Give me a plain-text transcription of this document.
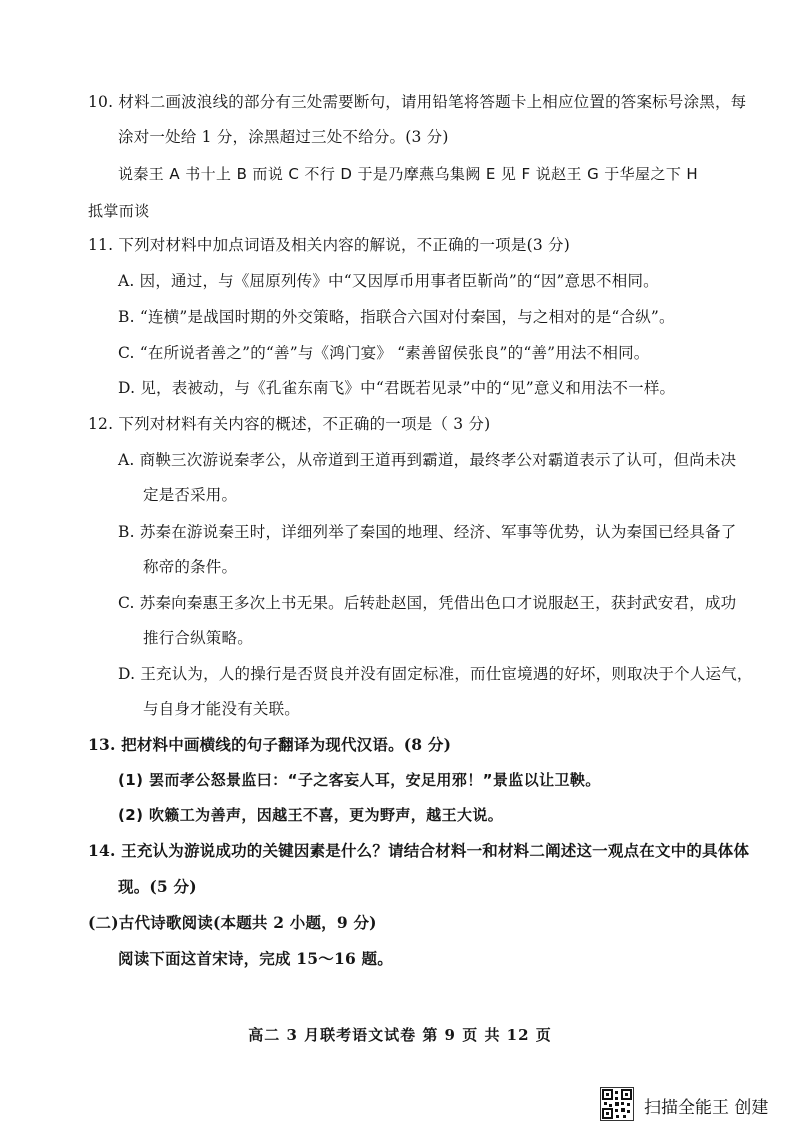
10. 材料二画波浪线的部分有三处需要断句，请用铅笔将答题卡上相应位置的答案标号涂黑，每
涂对一处给 1 分，涂黑超过三处不给分。(3 分)
说秦王 A 书十上 B 而说 C 不行 D 于是乃摩燕乌集阙 E 见 F 说赵王 G 于华屋之下 H
抵掌而谈
11. 下列对材料中加点词语及相关内容的解说，不正确的一项是(3 分)
A. 因，通过，与《屈原列传》中“又因厚币用事者臣靳尚”的“因”意思不相同。
B. “连横”是战国时期的外交策略，指联合六国对付秦国，与之相对的是“合纵”。
C. “在所说者善之”的“善”与《鸿门宴》 “素善留侯张良”的“善”用法不相同。
D. 见，表被动，与《孔雀东南飞》中“君既若见录”中的“见”意义和用法不一样。
12. 下列对材料有关内容的概述，不正确的一项是（ 3 分)
A. 商鞅三次游说秦孝公，从帝道到王道再到霸道，最终孝公对霸道表示了认可，但尚未决
定是否采用。
B. 苏秦在游说秦王时，详细列举了秦国的地理、经济、军事等优势，认为秦国已经具备了
称帝的条件。
C. 苏秦向秦惠王多次上书无果。后转赴赵国，凭借出色口才说服赵王，获封武安君，成功
推行合纵策略。
D. 王充认为，人的操行是否贤良并没有固定标准，而仕宦境遇的好坏，则取决于个人运气，
与自身才能没有关联。
13. 把材料中画横线的句子翻译为现代汉语。(8 分)
(1) 罢而孝公怒景监曰：“子之客妄人耳，安足用邪！”景监以让卫鞅。
(2) 吹籁工为善声，因越王不喜，更为野声，越王大说。
14. 王充认为游说成功的关键因素是什么？请结合材料一和材料二阐述这一观点在文中的具体体
现。(5 分)
(二)古代诗歌阅读(本题共 2 小题，9 分)
阅读下面这首宋诗，完成 15～16 题。
高二 3 月联考语文试卷 第 9 页 共 12 页
扫描全能王 创建
